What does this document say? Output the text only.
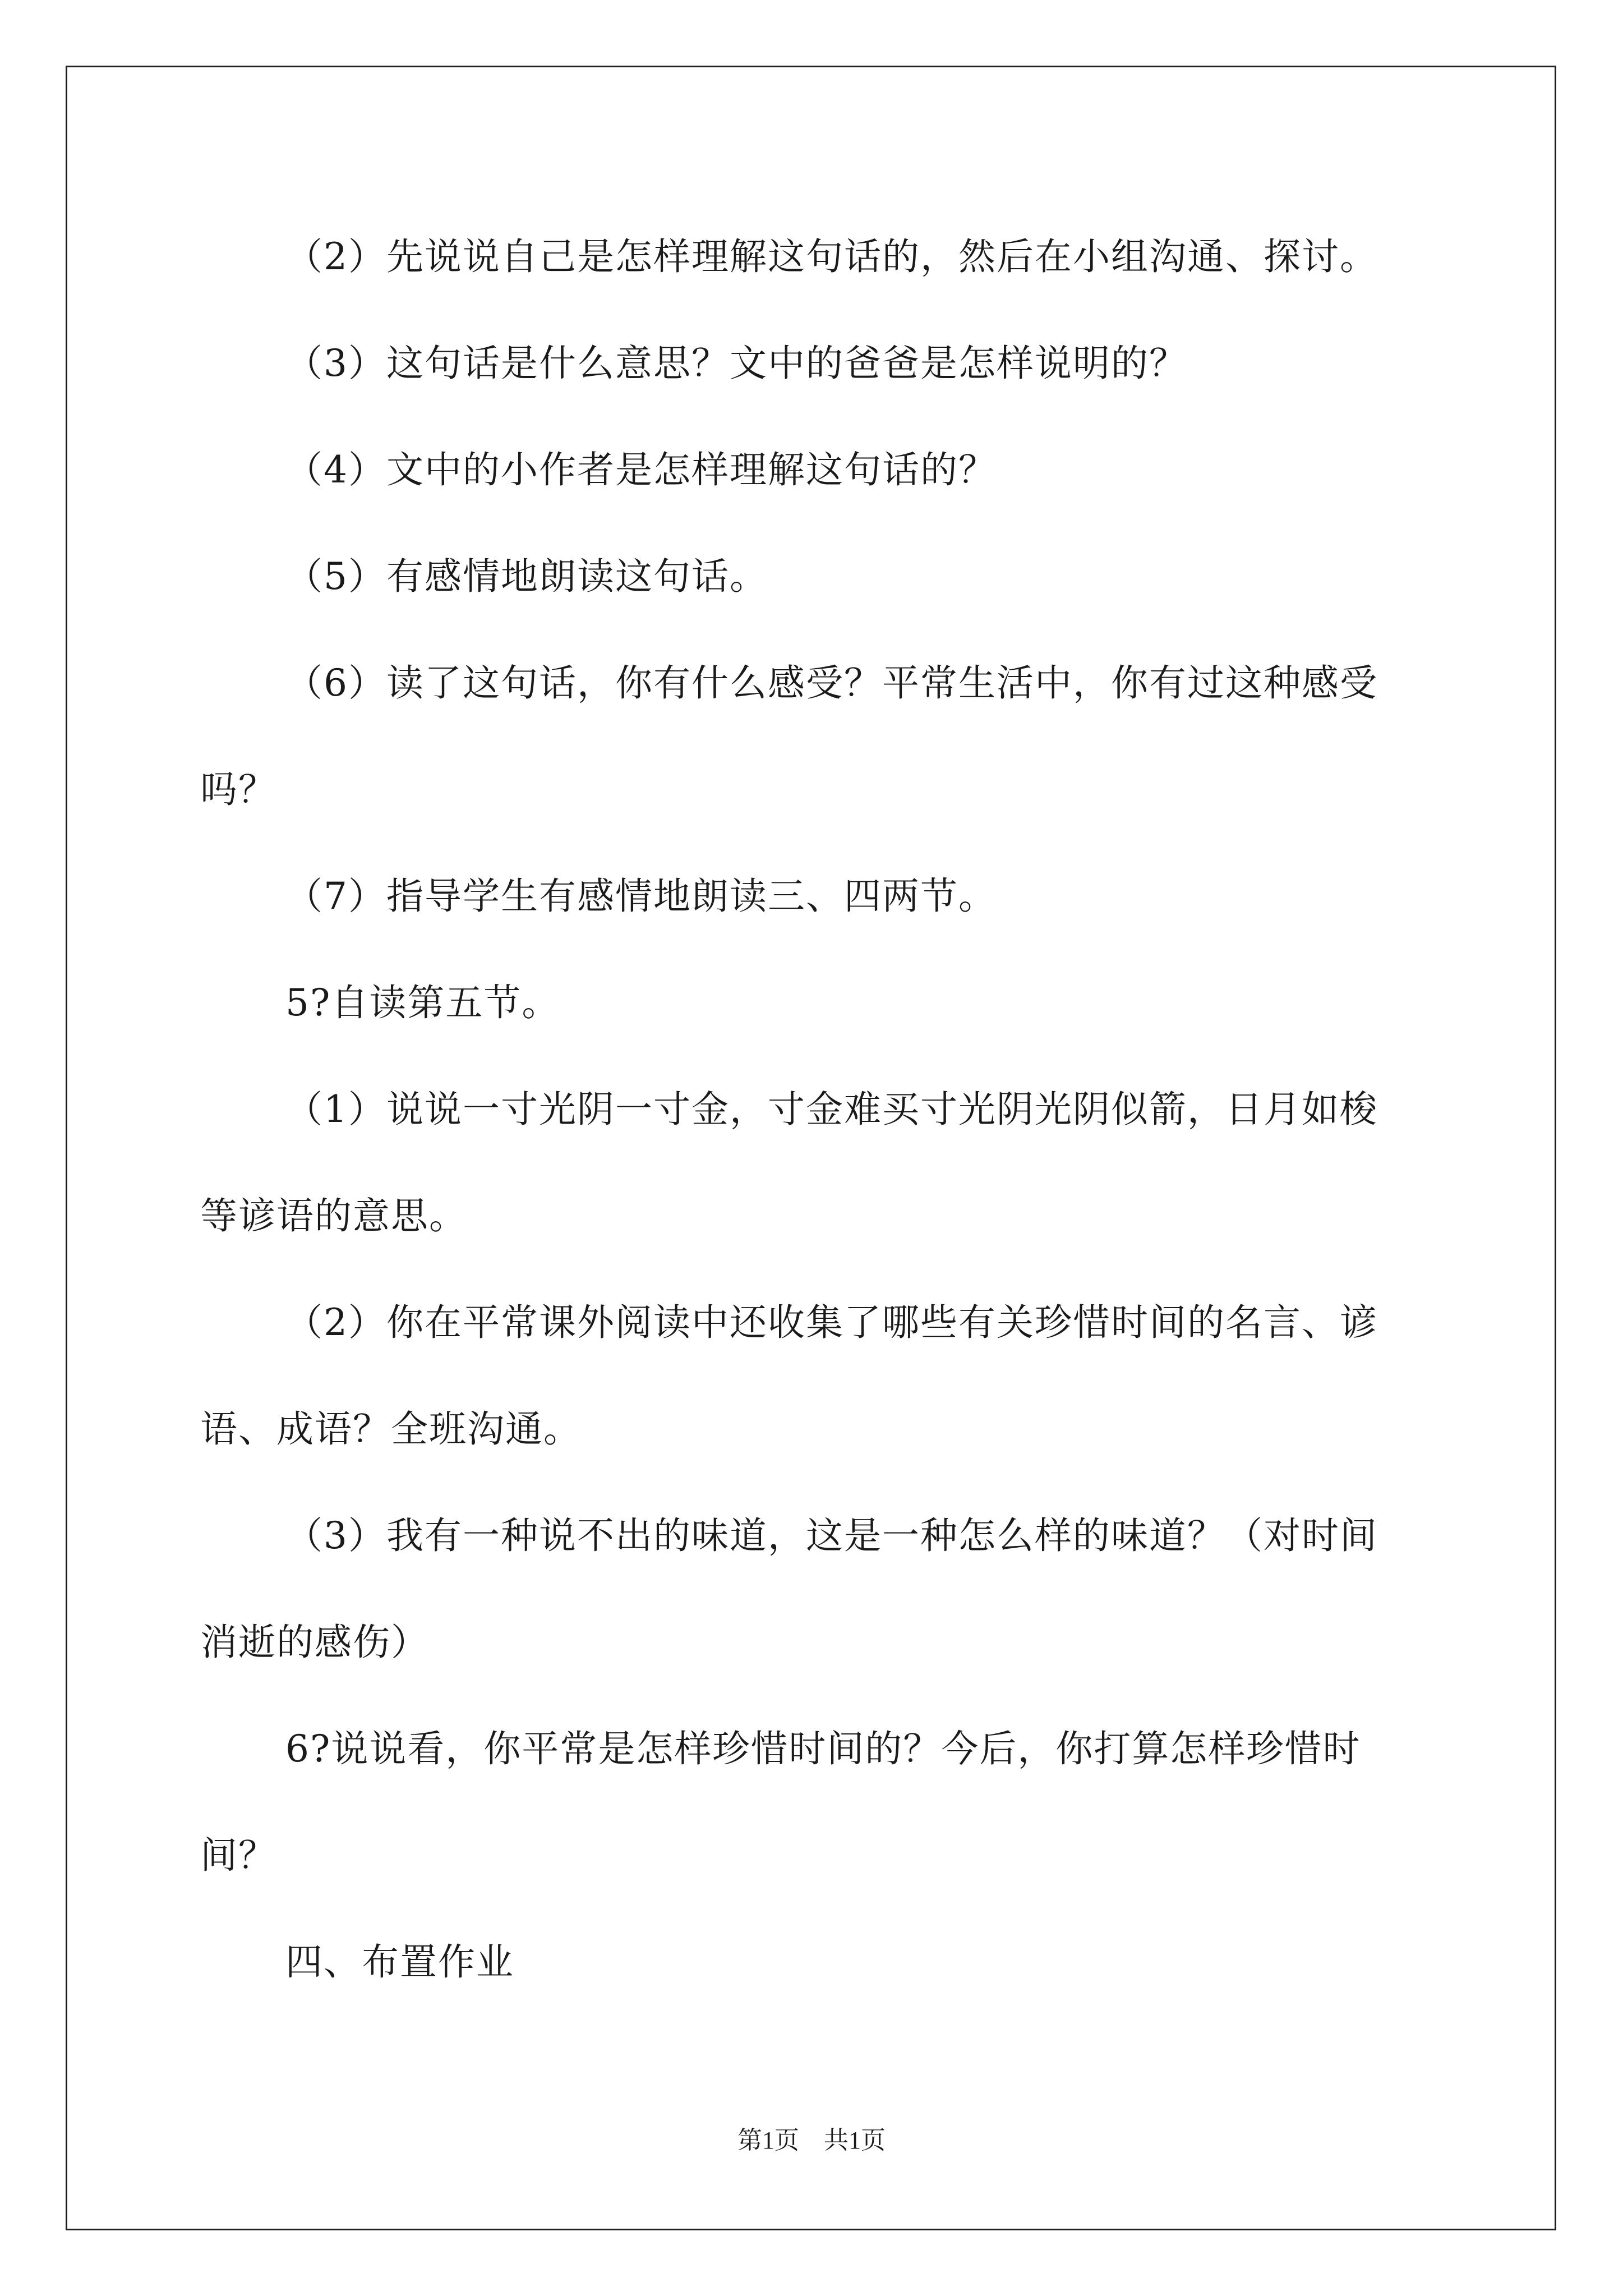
（2）先说说自己是怎样理解这句话的，然后在小组沟通、探讨。
（3）这句话是什么意思？文中的爸爸是怎样说明的？
（4）文中的小作者是怎样理解这句话的？
（5）有感情地朗读这句话。
（6）读了这句话，你有什么感受？平常生活中，你有过这种感受
吗？
（7）指导学生有感情地朗读三、四两节。
5?自读第五节。
（1）说说一寸光阴一寸金，寸金难买寸光阴光阴似箭，日月如梭
等谚语的意思。
（2）你在平常课外阅读中还收集了哪些有关珍惜时间的名言、谚
语、成语？全班沟通。
（3）我有一种说不出的味道，这是一种怎么样的味道？（对时间
消逝的感伤）
6?说说看，你平常是怎样珍惜时间的？今后，你打算怎样珍惜时
间？
四、布置作业
第1页 共1页
